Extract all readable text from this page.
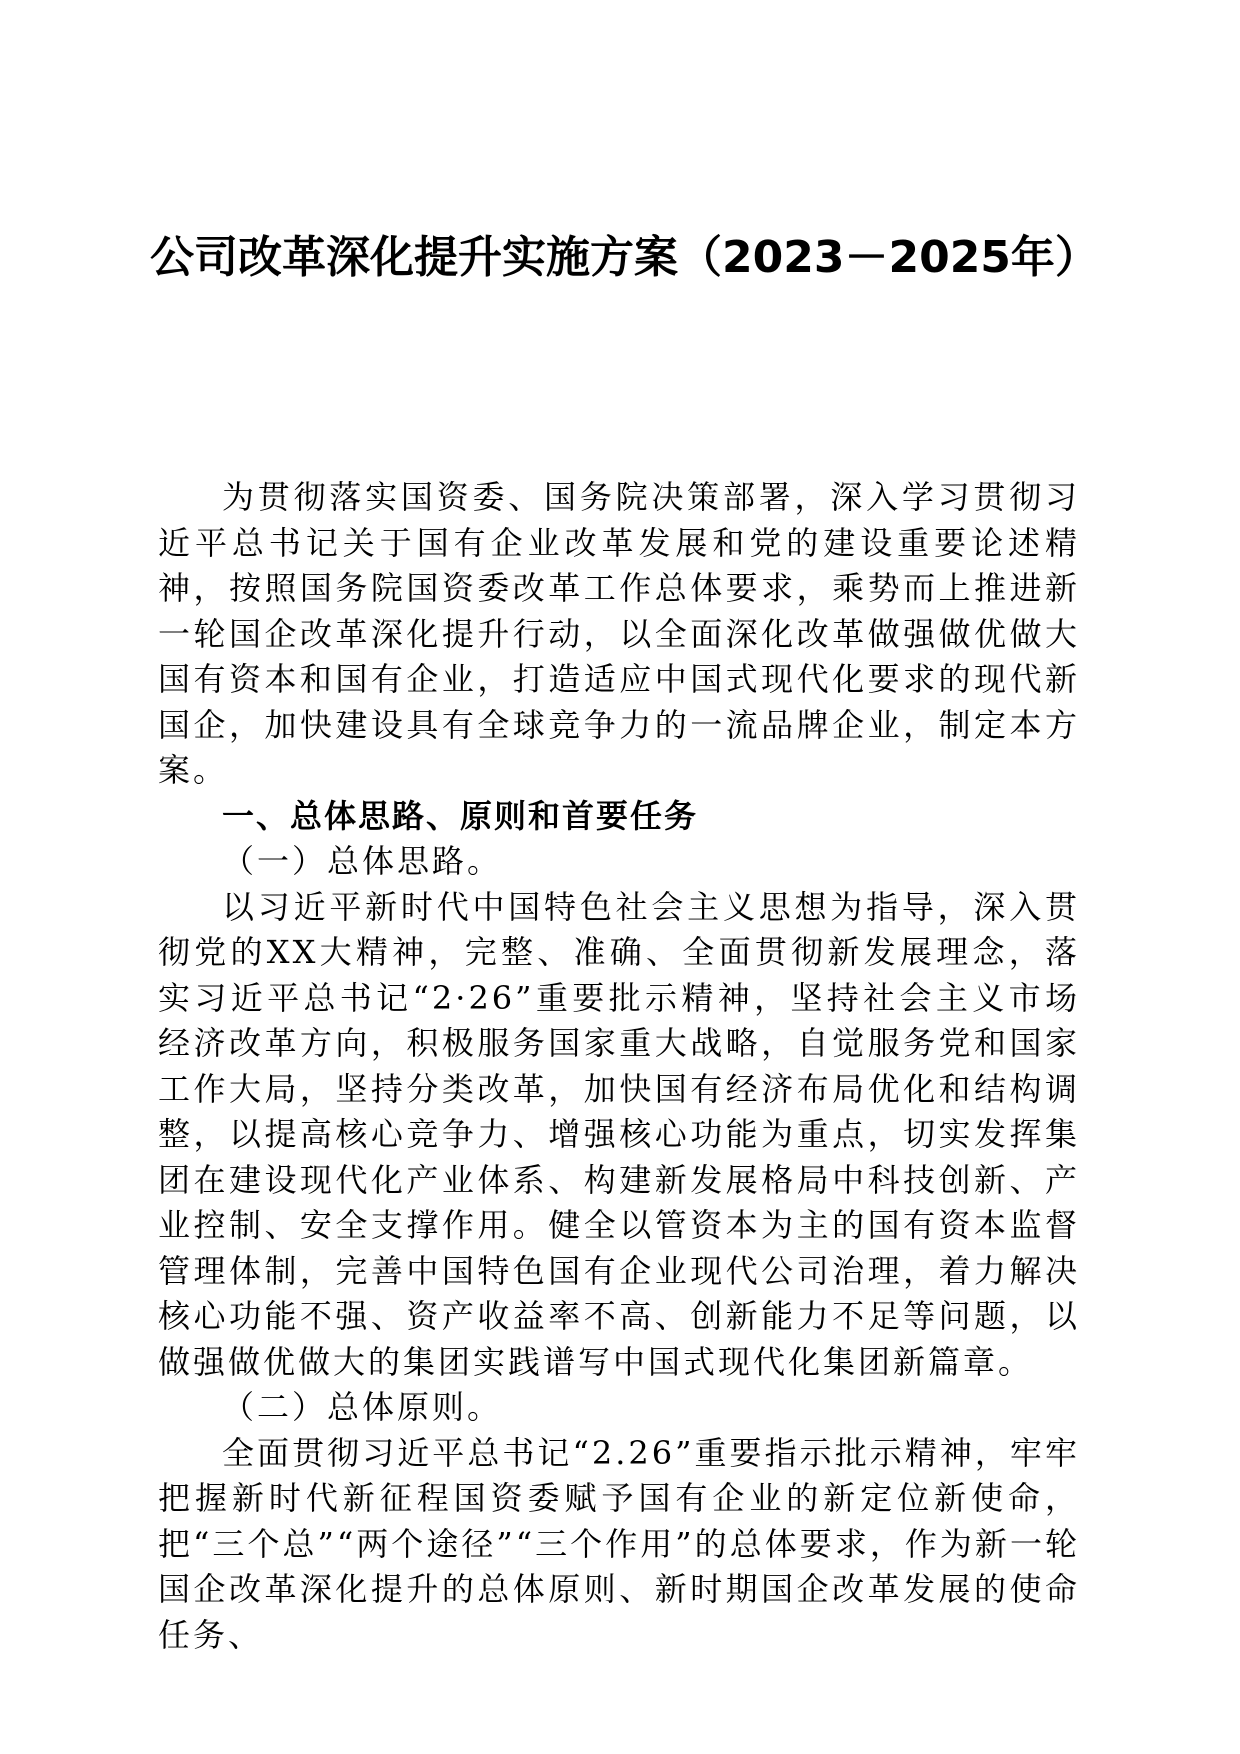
公司改革深化提升实施方案（2023－2025年）

为贯彻落实国资委、国务院决策部署，深入学习贯彻习近平总书记关于国有企业改革发展和党的建设重要论述精神，按照国务院国资委改革工作总体要求，乘势而上推进新一轮国企改革深化提升行动，以全面深化改革做强做优做大国有资本和国有企业，打造适应中国式现代化要求的现代新国企，加快建设具有全球竞争力的一流品牌企业，制定本方案。

一、总体思路、原则和首要任务
（一）总体思路。

以习近平新时代中国特色社会主义思想为指导，深入贯彻党的XX大精神，完整、准确、全面贯彻新发展理念，落实习近平总书记“2·26”重要批示精神，坚持社会主义市场经济改革方向，积极服务国家重大战略，自觉服务党和国家工作大局，坚持分类改革，加快国有经济布局优化和结构调整，以提高核心竞争力、增强核心功能为重点，切实发挥集团在建设现代化产业体系、构建新发展格局中科技创新、产业控制、安全支撑作用。健全以管资本为主的国有资本监督管理体制，完善中国特色国有企业现代公司治理，着力解决核心功能不强、资产收益率不高、创新能力不足等问题，以做强做优做大的集团实践谱写中国式现代化集团新篇章。

（二）总体原则。

全面贯彻习近平总书记“2.26”重要指示批示精神，牢牢把握新时代新征程国资委赋予国有企业的新定位新使命，把“三个总”“两个途径”“三个作用”的总体要求，作为新一轮国企改革深化提升的总体原则、新时期国企改革发展的使命任务、
